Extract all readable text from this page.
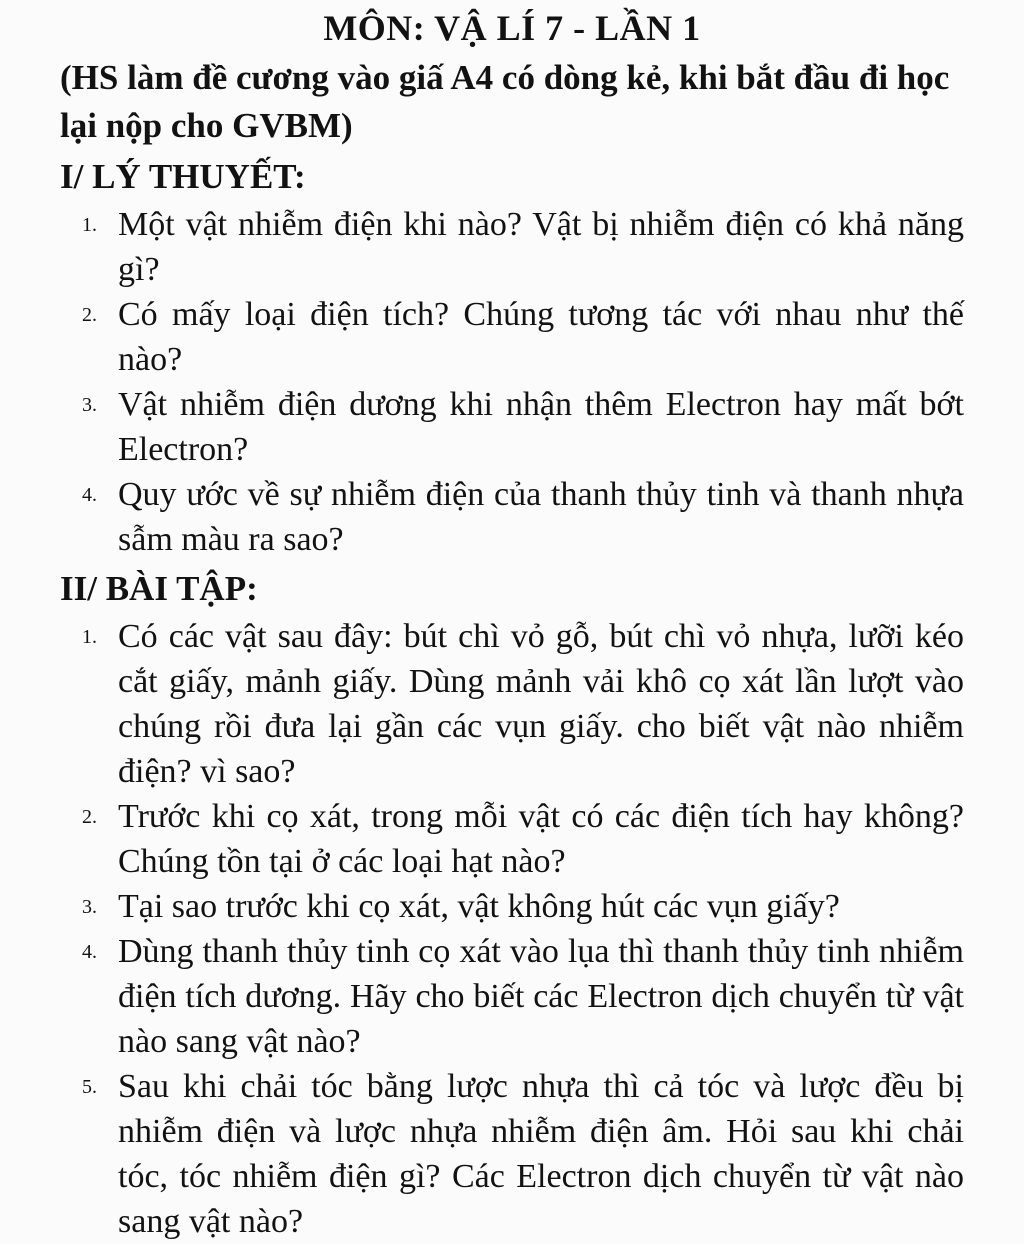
MÔN: VẬ LÍ 7 - LẦN 1

(HS làm đề cương vào giấ A4 có dòng kẻ, khi bắt đầu đi học lại nộp cho GVBM)

I/ LÝ THUYẾT:
1. Một vật nhiễm điện khi nào? Vật bị nhiễm điện có khả năng gì?
2. Có mấy loại điện tích? Chúng tương tác với nhau như thế nào?
3. Vật nhiễm điện dương khi nhận thêm Electron hay mất bớt Electron?
4. Quy ước về sự nhiễm điện của thanh thủy tinh và thanh nhựa sẫm màu ra sao?
II/ BÀI TẬP:
1. Có các vật sau đây: bút chì vỏ gỗ, bút chì vỏ nhựa, lưỡi kéo cắt giấy, mảnh giấy. Dùng mảnh vải khô cọ xát lần lượt vào chúng rồi đưa lại gần các vụn giấy. cho biết vật nào nhiễm điện? vì sao?
2. Trước khi cọ xát, trong mỗi vật có các điện tích hay không? Chúng tồn tại ở các loại hạt nào?
3. Tại sao trước khi cọ xát, vật không hút các vụn giấy?
4. Dùng thanh thủy tinh cọ xát vào lụa thì thanh thủy tinh nhiễm điện tích dương. Hãy cho biết các Electron dịch chuyển từ vật nào sang vật nào?
5. Sau khi chải tóc bằng lược nhựa thì cả tóc và lược đều bị nhiễm điện và lược nhựa nhiễm điện âm. Hỏi sau khi chải tóc, tóc nhiễm điện gì? Các Electron dịch chuyển từ vật nào sang vật nào?
